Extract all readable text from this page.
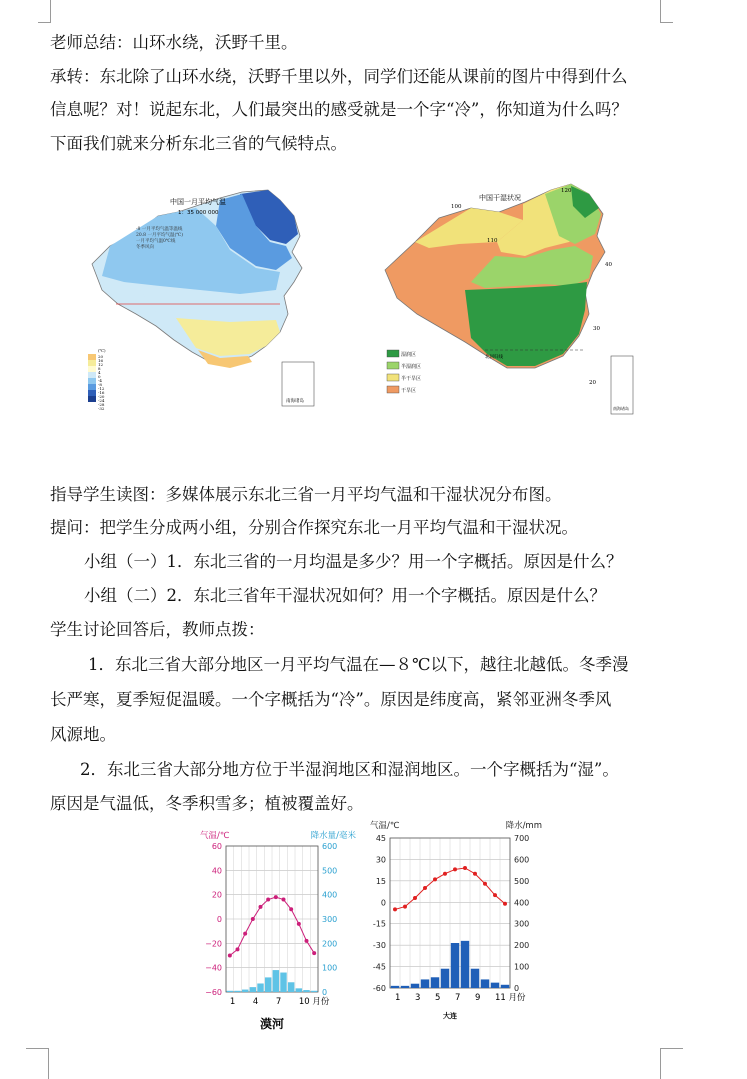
老师总结：山环水绕，沃野千里。
承转：东北除了山环水绕，沃野千里以外，同学们还能从课前的图片中得到什么
信息呢？对！说起东北，人们最突出的感受就是一个字“冷”，你知道为什么吗？
下面我们就来分析东北三省的气候特点。
中国一月平均气温
1：35 000 000
-8 一月平均气温等温线
20.8 一月平均气温(℃)
一月平均气温0℃线
冬季风向
(℃)
20
16
12
8
4
0
-4
-8
-12
-16
-20
-24
-28
-32
南海诸岛
中国干湿状况
120
100
110
30
40
20
北回归线
湿润区
半湿润区
半干旱区
干旱区
南海诸岛
指导学生读图：多媒体展示东北三省一月平均气温和干湿状况分布图。
提问：把学生分成两小组，分别合作探究东北一月平均气温和干湿状况。
小组（一）1．东北三省的一月均温是多少？用一个字概括。原因是什么？
小组（二）2．东北三省年干湿状况如何？用一个字概括。原因是什么？
学生讨论回答后，教师点拨：
1．东北三省大部分地区一月平均气温在—８℃以下，越往北越低。冬季漫
长严寒，夏季短促温暖。一个字概括为“冷”。原因是纬度高，紧邻亚洲冬季风
风源地。
2．东北三省大部分地方位于半湿润地区和湿润地区。一个字概括为“湿”。
原因是气温低，冬季积雪多；植被覆盖好。
60
40
20
0
−20
−40
−60
600
500
400
300
200
100
0
气温/℃	降水量/毫米
1 4 7 10 月份
漠河
45
30
15
0
-15
-30
-45
-60
700
600
500
400
300
200
100
0
气温/℃	降水/mm
1 3 5 7 9 11 月份
大连
